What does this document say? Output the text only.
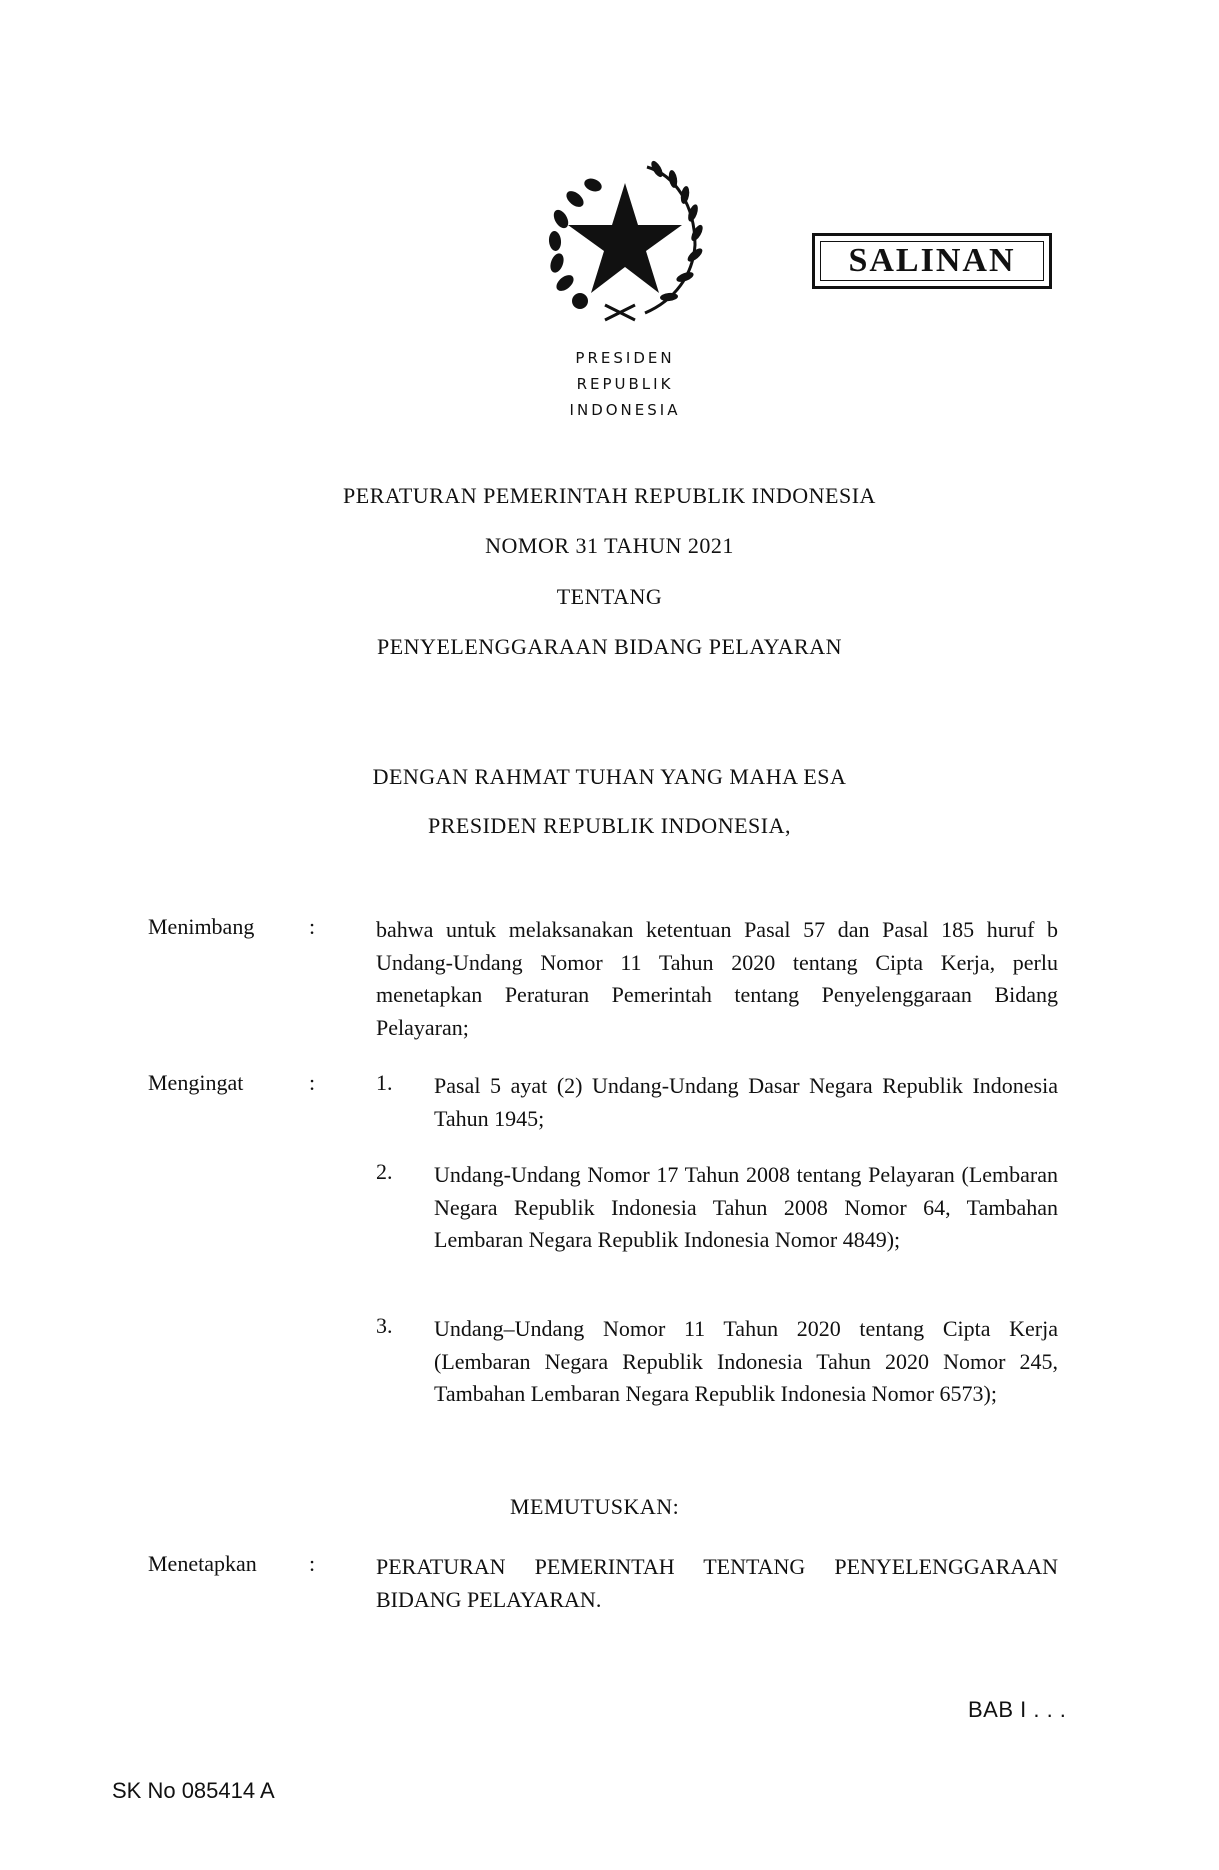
PRESIDEN
REPUBLIK INDONESIA
SALINAN
PERATURAN PEMERINTAH REPUBLIK INDONESIA
NOMOR 31 TAHUN 2021
TENTANG
PENYELENGGARAAN BIDANG PELAYARAN
DENGAN RAHMAT TUHAN YANG MAHA ESA
PRESIDEN REPUBLIK INDONESIA,
Menimbang :	bahwa untuk melaksanakan ketentuan Pasal 57 dan Pasal 185 huruf b Undang-Undang Nomor 11 Tahun 2020 tentang Cipta Kerja, perlu menetapkan Peraturan Pemerintah tentang Penyelenggaraan Bidang Pelayaran;
Mengingat	:	1. Pasal 5 ayat (2) Undang-Undang Dasar Negara Republik Indonesia Tahun 1945;
2. Undang-Undang Nomor 17 Tahun 2008 tentang Pelayaran (Lembaran Negara Republik Indonesia Tahun 2008 Nomor 64, Tambahan Lembaran Negara Republik Indonesia Nomor 4849);
3. Undang–Undang Nomor 11 Tahun 2020 tentang Cipta Kerja (Lembaran Negara Republik Indonesia Tahun 2020 Nomor 245, Tambahan Lembaran Negara Republik Indonesia Nomor 6573);
MEMUTUSKAN:
Menetapkan :	PERATURAN PEMERINTAH TENTANG PENYELENGGARAAN BIDANG PELAYARAN.
BAB I . . .
SK No 085414 A
